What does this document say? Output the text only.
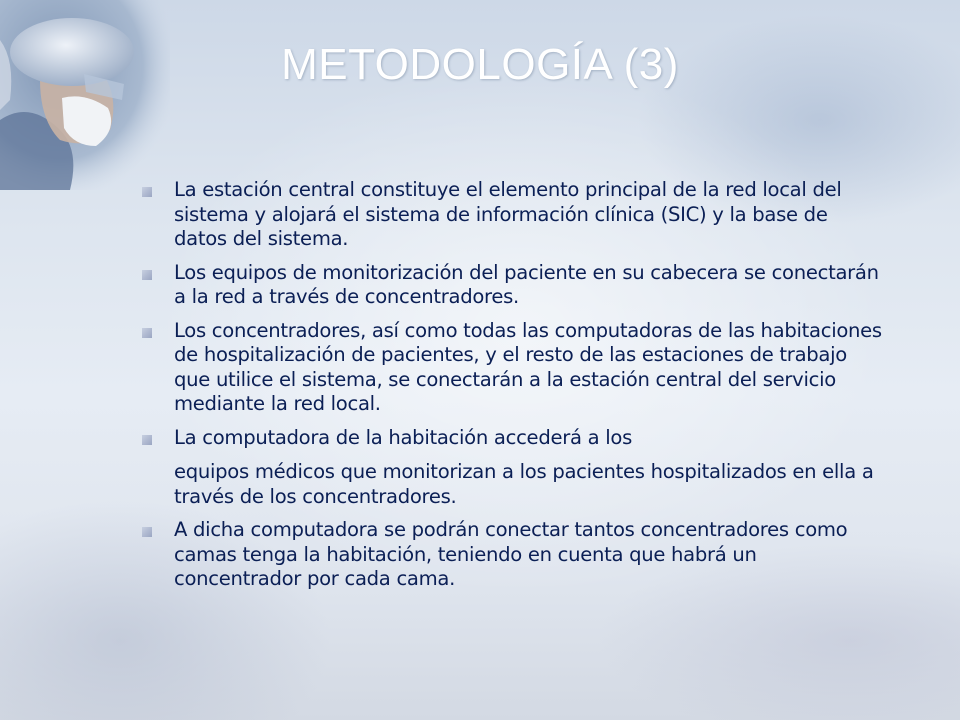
METODOLOGÍA (3)
La estación central constituye el elemento principal de la red local del sistema y alojará el sistema de información clínica (SIC) y la base de datos del sistema.
Los equipos de monitorización del paciente en su cabecera se conectarán a la red a través de concentradores.
Los concentradores, así como todas las computadoras de las habitaciones de hospitalización de pacientes, y el resto de las estaciones de trabajo que utilice el sistema, se conectarán a la estación central del servicio mediante la red local.
La computadora de la habitación accederá a los
equipos médicos que monitorizan a los pacientes hospitalizados en ella a través de los concentradores.
A dicha computadora se podrán conectar tantos concentradores como camas tenga la habitación, teniendo en cuenta que habrá un concentrador por cada cama.
